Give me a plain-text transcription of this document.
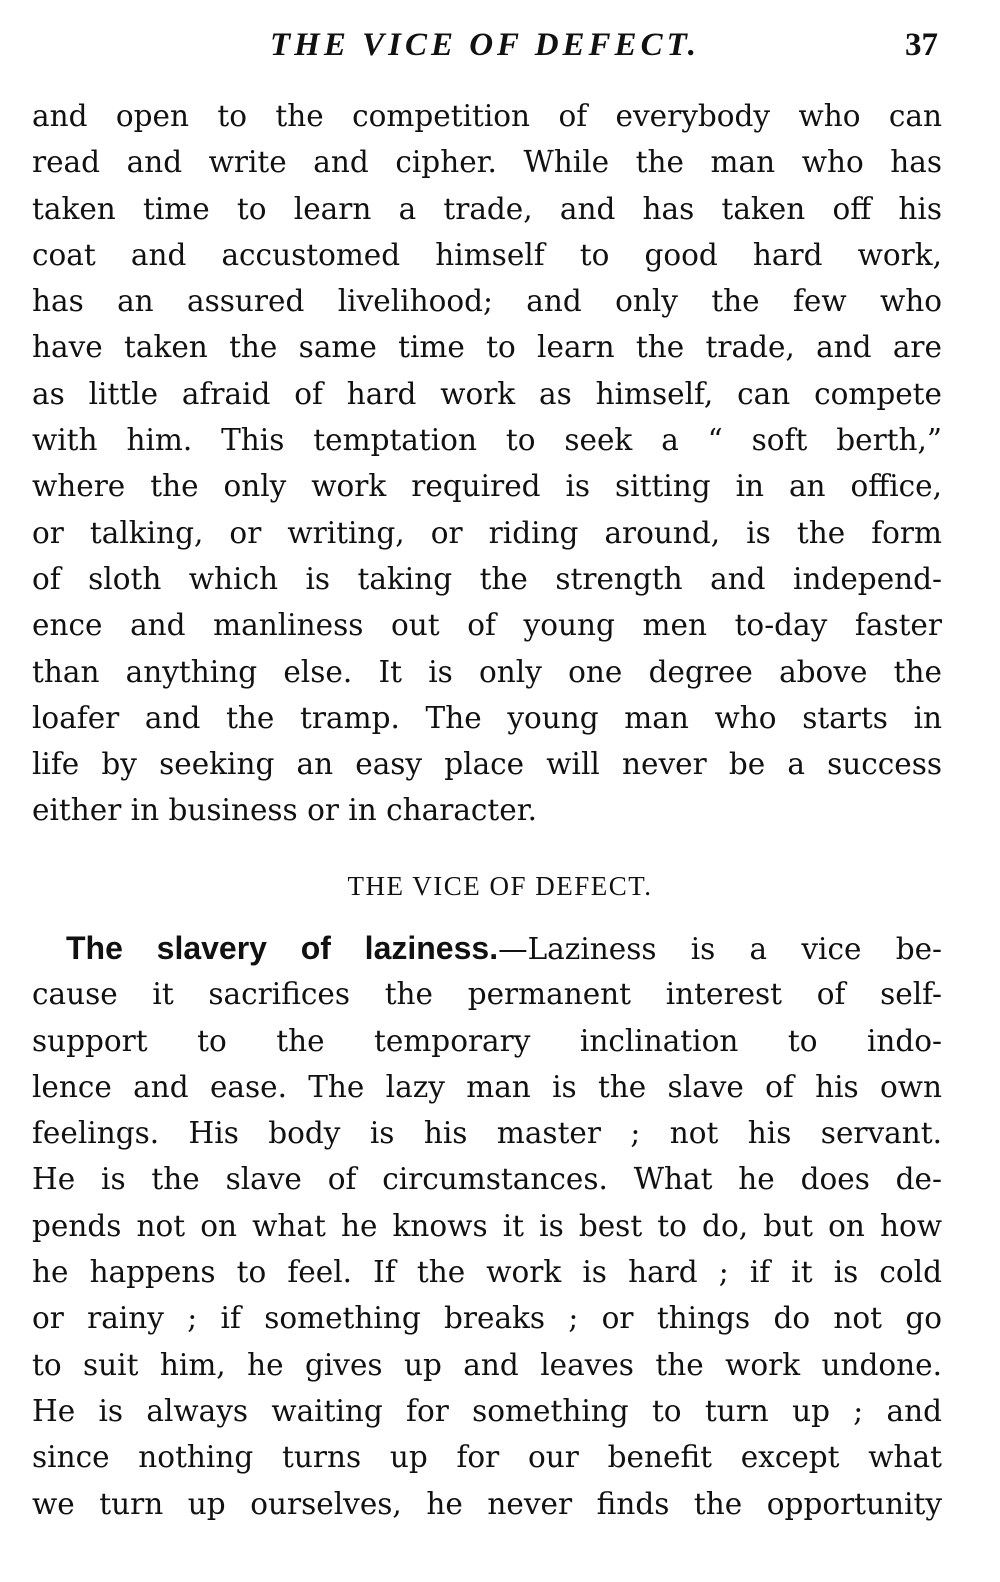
THE VICE OF DEFECT.	37
and open to the competition of everybody who can
read and write and cipher. While the man who has
taken time to learn a trade, and has taken off his
coat and accustomed himself to good hard work,
has an assured livelihood; and only the few who
have taken the same time to learn the trade, and are
as little afraid of hard work as himself, can compete
with him. This temptation to seek a “ soft berth,”
where the only work required is sitting in an office,
or talking, or writing, or riding around, is the form
of sloth which is taking the strength and independ-
ence and manliness out of young men to-day faster
than anything else. It is only one degree above the
loafer and the tramp. The young man who starts in
life by seeking an easy place will never be a success
either in business or in character.
THE VICE OF DEFECT.
The slavery of laziness.—Laziness is a vice be-
cause it sacrifices the permanent interest of self-
support to the temporary inclination to indo-
lence and ease. The lazy man is the slave of his own
feelings. His body is his master ; not his servant.
He is the slave of circumstances. What he does de-
pends not on what he knows it is best to do, but on how
he happens to feel. If the work is hard ; if it is cold
or rainy ; if something breaks ; or things do not go
to suit him, he gives up and leaves the work undone.
He is always waiting for something to turn up ; and
since nothing turns up for our benefit except what
we turn up ourselves, he never finds the opportunity
